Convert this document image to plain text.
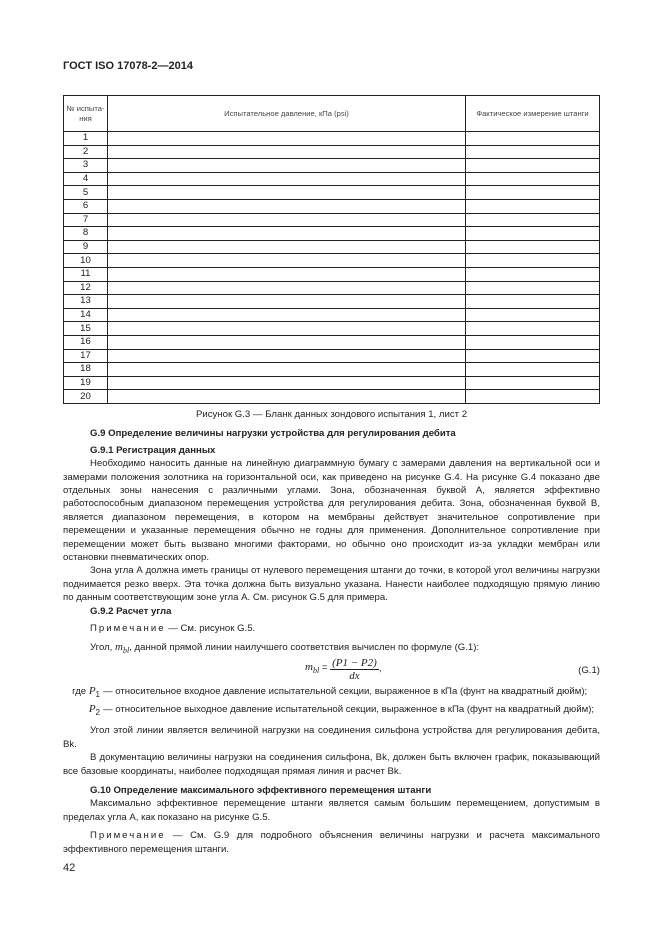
ГОСТ ISO 17078-2—2014
№ испыта-ния	Испытательное давление, кПа (psi)	Фактическое измерение штанги
1		
2		
3		
4		
5		
6		
7		
8		
9		
10		
11		
12		
13		
14		
15		
16		
17		
18		
19		
20		
Рисунок G.3 — Бланк данных зондового испытания 1, лист 2
G.9 Определение величины нагрузки устройства для регулирования дебита
G.9.1 Регистрация данных
Необходимо наносить данные на линейную диаграммную бумагу с замерами давления на вертикальной оси и замерами положения золотника на горизонтальной оси, как приведено на рисунке G.4. На рисунке G.4 показано две отдельных зоны нанесения с различными углами. Зона, обозначенная буквой А, является эффективно работоспособным диапазоном перемещения устройства для регулирования дебита. Зона, обозначенная буквой В, является диапазоном перемещения, в котором на мембраны действует значительное сопротивление при перемещении и указанные перемещения обычно не годны для применения. Дополнительное сопротивление при перемещении может быть вызвано многими факторами, но обычно оно происходит из-за укладки мембран или остановки пневматических опор.
Зона угла А должна иметь границы от нулевого перемещения штанги до точки, в которой угол величины нагрузки поднимается резко вверх. Эта точка должна быть визуально указана. Нанести наиболее подходящую прямую линию по данным соответствующим зоне угла А. См. рисунок G.5 для примера.
G.9.2 Расчет угла
Примечание — См. рисунок G.5.
Угол, $m_{bl}$, данной прямой линии наилучшего соответствия вычислен по формуле (G.1):
$m_{bl} = \frac{(P1 - P2)}{dx}$ ,	(G.1)
где $P_1$ — относительное входное давление испытательной секции, выраженное в кПа (фунт на квадратный дюйм);
$P_2$ — относительное выходное давление испытательной секции, выраженное в кПа (фунт на квадратный дюйм);
Угол этой линии является величиной нагрузки на соединения сильфона устройства для регулирования дебита, Bk.
В документацию величины нагрузки на соединения сильфона, Bk, должен быть включен график, показывающий все базовые координаты, наиболее подходящая прямая линия и расчет Bk.
G.10 Определение максимального эффективного перемещения штанги
Максимально эффективное перемещение штанги является самым большим перемещением, допустимым в пределах угла А, как показано на рисунке G.5.
Примечание — См. G.9 для подробного объяснения величины нагрузки и расчета максимального эффективного перемещения штанги.
42
